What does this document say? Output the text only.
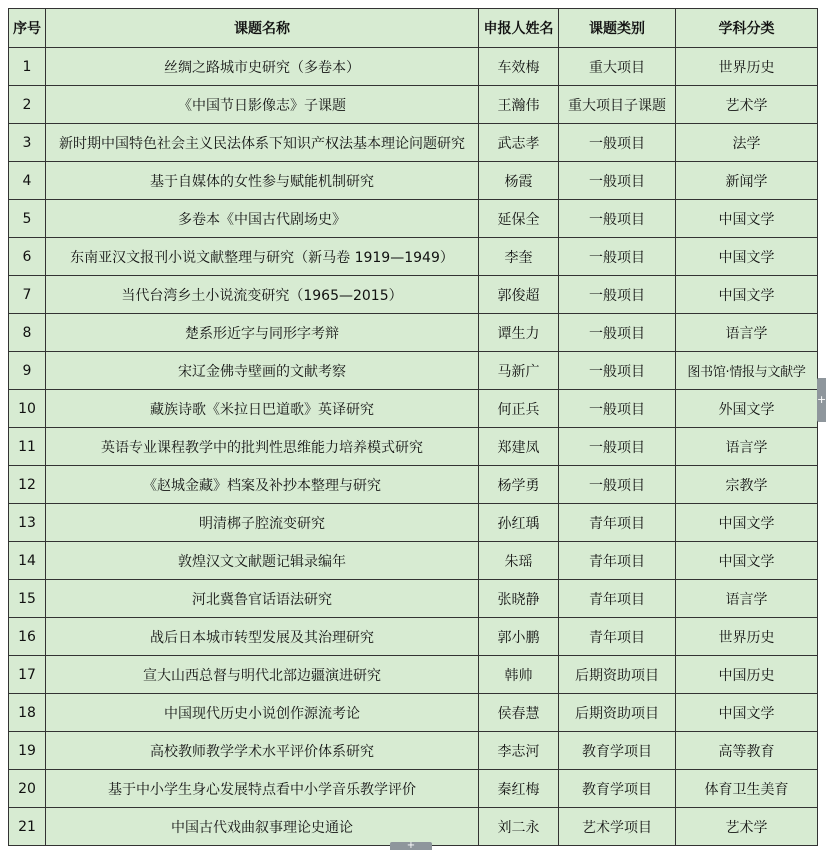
序号	课题名称	申报人姓名	课题类别	学科分类
1	丝绸之路城市史研究（多卷本）	车效梅	重大项目	世界历史
2	《中国节日影像志》子课题	王瀚伟	重大项目子课题	艺术学
3	新时期中国特色社会主义民法体系下知识产权法基本理论问题研究	武志孝	一般项目	法学
4	基于自媒体的女性参与赋能机制研究	杨霞	一般项目	新闻学
5	多卷本《中国古代剧场史》	延保全	一般项目	中国文学
6	东南亚汉文报刊小说文献整理与研究（新马卷 1919—1949）	李奎	一般项目	中国文学
7	当代台湾乡土小说流变研究（1965—2015）	郭俊超	一般项目	中国文学
8	楚系形近字与同形字考辩	谭生力	一般项目	语言学
9	宋辽金佛寺壁画的文献考察	马新广	一般项目	图书馆·情报与文献学
10	藏族诗歌《米拉日巴道歌》英译研究	何正兵	一般项目	外国文学
11	英语专业课程教学中的批判性思维能力培养模式研究	郑建凤	一般项目	语言学
12	《赵城金藏》档案及补抄本整理与研究	杨学勇	一般项目	宗教学
13	明清梆子腔流变研究	孙红瑀	青年项目	中国文学
14	敦煌汉文文献题记辑录编年	朱瑶	青年项目	中国文学
15	河北冀鲁官话语法研究	张晓静	青年项目	语言学
16	战后日本城市转型发展及其治理研究	郭小鹏	青年项目	世界历史
17	宣大山西总督与明代北部边疆演进研究	韩帅	后期资助项目	中国历史
18	中国现代历史小说创作源流考论	侯春慧	后期资助项目	中国文学
19	高校教师教学学术水平评价体系研究	李志河	教育学项目	高等教育
20	基于中小学生身心发展特点看中小学音乐教学评价	秦红梅	教育学项目	体育卫生美育
21	中国古代戏曲叙事理论史通论	刘二永	艺术学项目	艺术学
+
+
